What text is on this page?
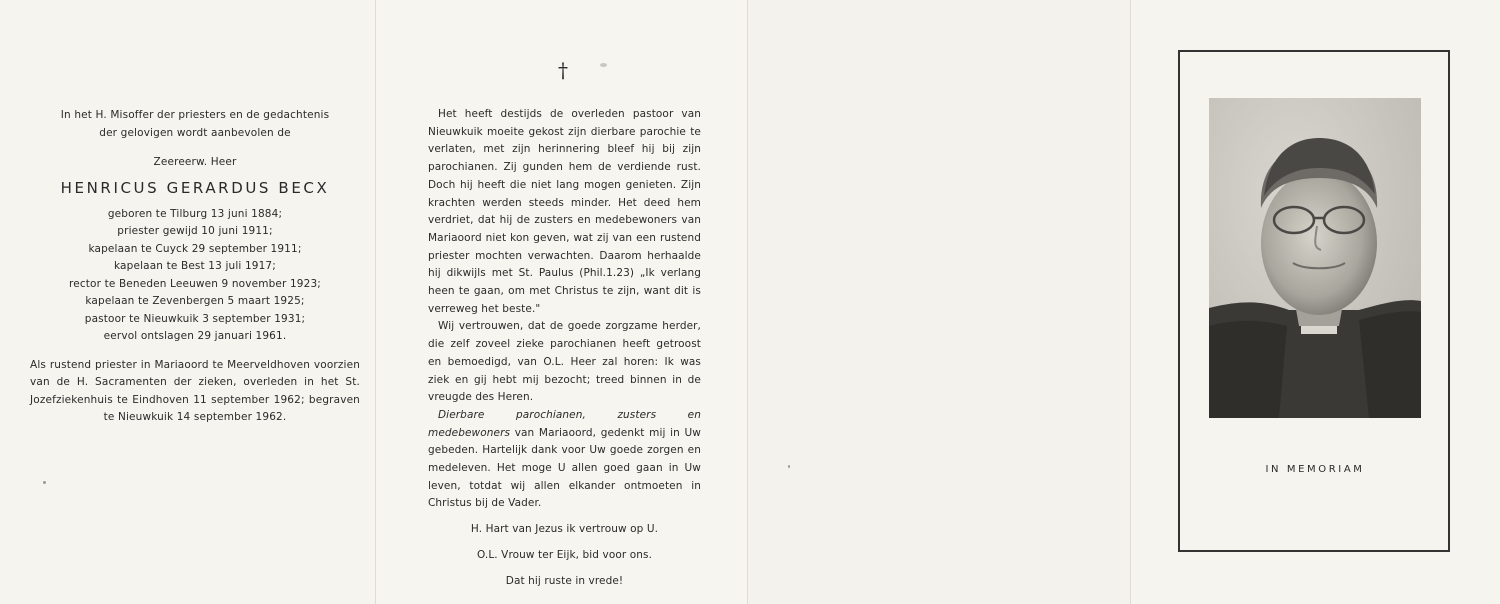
In het H. Misoffer der priesters en de gedachtenis

der gelovigen wordt aanbevolen de

Zeereerw. Heer

HENRICUS GERARDUS BECX

geboren te Tilburg 13 juni 1884;

priester gewijd 10 juni 1911;

kapelaan te Cuyck 29 september 1911;

kapelaan te Best 13 juli 1917;

rector te Beneden Leeuwen 9 november 1923;

kapelaan te Zevenbergen 5 maart 1925;

pastoor te Nieuwkuik 3 september 1931;

eervol ontslagen 29 januari 1961.

Als rustend priester in Mariaoord te Meerveldhoven voorzien van de H. Sacramenten der zieken, overleden in het St. Jozefziekenhuis te Eindhoven 11 september 1962; begraven te Nieuwkuik 14 september 1962.

†

Het heeft destijds de overleden pastoor van Nieuwkuik moeite gekost zijn dierbare parochie te verlaten, met zijn herinnering bleef hij bij zijn parochianen. Zij gunden hem de verdiende rust. Doch hij heeft die niet lang mogen genieten. Zijn krachten werden steeds minder. Het deed hem verdriet, dat hij de zusters en medebewoners van Mariaoord niet kon geven, wat zij van een rustend priester mochten verwachten. Daarom herhaalde hij dikwijls met St. Paulus (Phil.1.23) „Ik verlang heen te gaan, om met Christus te zijn, want dit is verreweg het beste."

Wij vertrouwen, dat de goede zorgzame herder, die zelf zoveel zieke parochianen heeft getroost en bemoedigd, van O.L. Heer zal horen: Ik was ziek en gij hebt mij bezocht; treed binnen in de vreugde des Heren.

Dierbare parochianen, zusters en medebewoners van Mariaoord, gedenkt mij in Uw gebeden. Hartelijk dank voor Uw goede zorgen en medeleven. Het moge U allen goed gaan in Uw leven, totdat wij allen elkander ontmoeten in Christus bij de Vader.

H. Hart van Jezus ik vertrouw op U.

O.L. Vrouw ter Eijk, bid voor ons.

Dat hij ruste in vrede!

IN MEMORIAM
